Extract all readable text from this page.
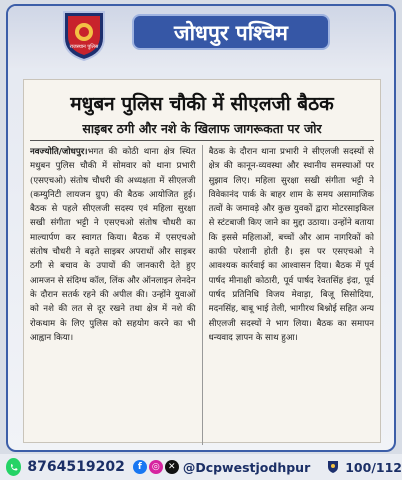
राजस्थान पुलिस
जोधपुर पश्चिम
मधुबन पुलिस चौकी में सीएलजी बैठक
साइबर ठगी और नशे के खिलाफ जागरूकता पर जोर
नवज्योति/जोधपुर।भगत की कोठी थाना क्षेत्र स्थित मधुबन पुलिस चौकी में सोमवार को थाना प्रभारी (एसएचओ) संतोष चौधरी की अध्यक्षता में सीएलजी (कम्युनिटी लायजन ग्रुप) की बैठक आयोजित हुई। बैठक से पहले सीएलजी सदस्य एवं महिला सुरक्षा सखी संगीता भट्टी ने एसएचओ संतोष चौधरी का माल्यार्पण कर स्वागत किया। बैठक में एसएचओ संतोष चौधरी ने बढ़ते साइबर अपराधों और साइबर ठगी से बचाव के उपायों की जानकारी देते हुए आमजन से संदिग्ध कॉल, लिंक और ऑनलाइन लेनदेन के दौरान सतर्क रहने की अपील की। उन्होंने युवाओं को नशे की लत से दूर रखने तथा क्षेत्र में नशे की रोकथाम के लिए पुलिस को सहयोग करने का भी आह्वान किया।
बैठक के दौरान थाना प्रभारी ने सीएलजी सदस्यों से क्षेत्र की कानून-व्यवस्था और स्थानीय समस्याओं पर सुझाव लिए। महिला सुरक्षा सखी संगीता भट्टी ने विवेकानंद पार्क के बाहर शाम के समय असामाजिक तत्वों के जमावड़े और कुछ युवकों द्वारा मोटरसाइकिल से स्टंटबाजी किए जाने का मुद्दा उठाया। उन्होंने बताया कि इससे महिलाओं, बच्चों और आम नागरिकों को काफी परेशानी होती है। इस पर एसएचओ ने आवश्यक कार्रवाई का आश्वासन दिया। बैठक में पूर्व पार्षद मीनाक्षी कोठारी, पूर्व पार्षद रेवतसिंह इंदा, पूर्व पार्षद प्रतिनिधि विजय मेवाड़ा, बिजू सिसोदिया, मदनसिंह, बाबू भाई तेली, भागीरथ बिश्नोई सहित अन्य सीएलजी सदस्यों ने भाग लिया। बैठक का समापन धन्यवाद ज्ञापन के साथ हुआ।
8764519202	f	◎ ✕ @Dcpwestjodhpur	100/112
